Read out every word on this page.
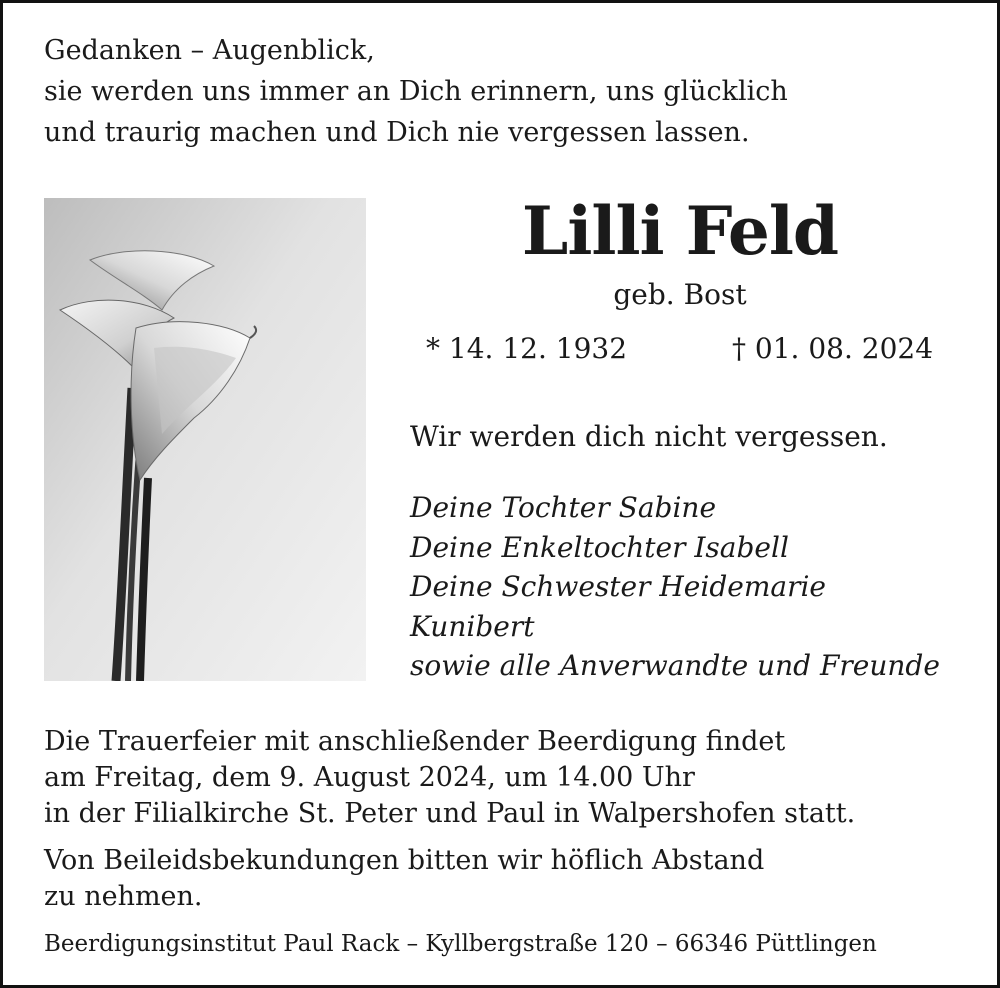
Gedanken – Augenblick,
sie werden uns immer an Dich erinnern, uns glücklich
und traurig machen und Dich nie vergessen lassen.
Lilli Feld
geb. Bost
* 14. 12. 1932	† 01. 08. 2024
Wir werden dich nicht vergessen.
Deine Tochter Sabine
Deine Enkeltochter Isabell
Deine Schwester Heidemarie
Kunibert
sowie alle Anverwandte und Freunde
Die Trauerfeier mit anschließender Beerdigung findet
am Freitag, dem 9. August 2024, um 14.00 Uhr
in der Filialkirche St. Peter und Paul in Walpershofen statt.
Von Beileidsbekundungen bitten wir höflich Abstand
zu nehmen.
Beerdigungsinstitut Paul Rack – Kyllbergstraße 120 – 66346 Püttlingen
